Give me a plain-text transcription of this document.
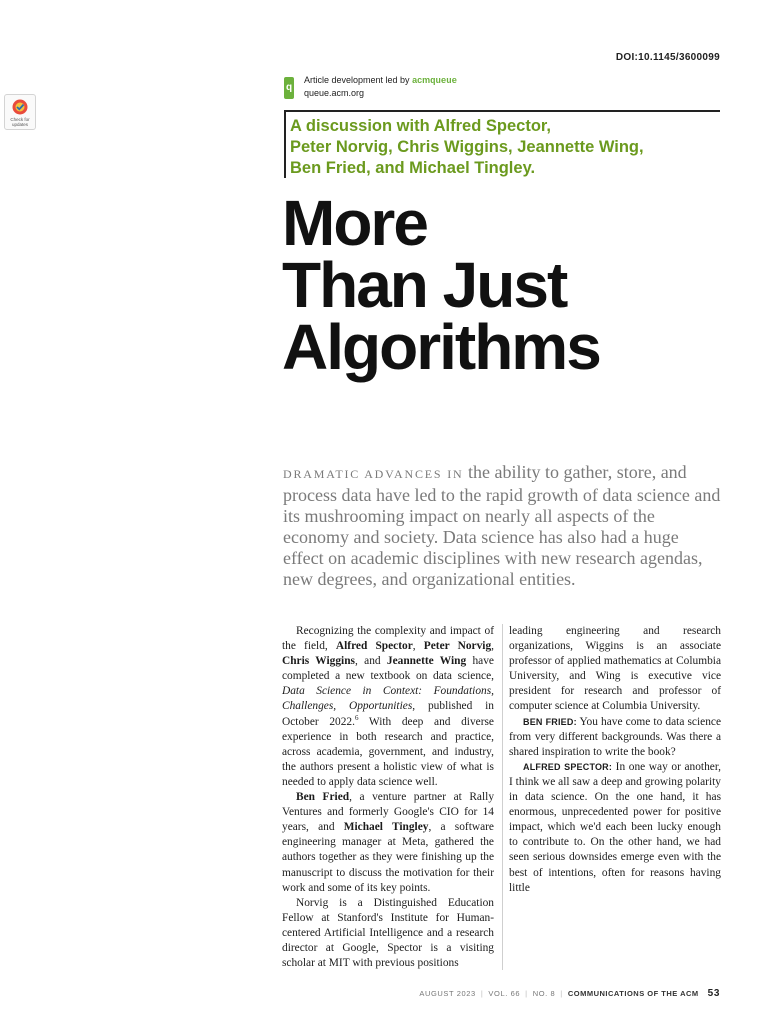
DOI:10.1145/3600099
Check for
updates
q
Article development led by acmqueue
queue.acm.org
A discussion with Alfred Spector,
Peter Norvig, Chris Wiggins, Jeannette Wing,
Ben Fried, and Michael Tingley.
More
Than Just
Algorithms

DRAMATIC ADVANCES IN the ability to gather, store, and process data have led to the rapid growth of data science and its mushrooming impact on nearly all aspects of the economy and society. Data science has also had a huge effect on academic disciplines with new research agendas, new degrees, and organizational entities.

Recognizing the complexity and impact of the field, Alfred Spector, Peter Norvig, Chris Wiggins, and Jeannette Wing have completed a new textbook on data science, Data Science in Context: Foundations, Challenges, Opportunities, published in October 2022.$^6$ With deep and diverse experience in both research and practice, across academia, government, and industry, the authors present a holistic view of what is needed to apply data science well.

Ben Fried, a venture partner at Rally Ventures and formerly Google's CIO for 14 years, and Michael Tingley, a software engineering manager at Meta, gathered the authors together as they were finishing up the manuscript to discuss the motivation for their work and some of its key points.

Norvig is a Distinguished Education Fellow at Stanford's Institute for Human-centered Artificial Intelligence and a research director at Google, Spector is a visiting scholar at MIT with previous positions

leading engineering and research organizations, Wiggins is an associate professor of applied mathematics at Columbia University, and Wing is executive vice president for research and professor of computer science at Columbia University.

BEN FRIED: You have come to data science from very different backgrounds. Was there a shared inspiration to write the book?

ALFRED SPECTOR: In one way or another, I think we all saw a deep and growing polarity in data science. On the one hand, it has enormous, unprecedented power for positive impact, which we'd each been lucky enough to contribute to. On the other hand, we had seen serious downsides emerge even with the best of intentions, often for reasons having little

AUGUST 2023 | VOL. 66 | NO. 8 | COMMUNICATIONS OF THE ACM 53
